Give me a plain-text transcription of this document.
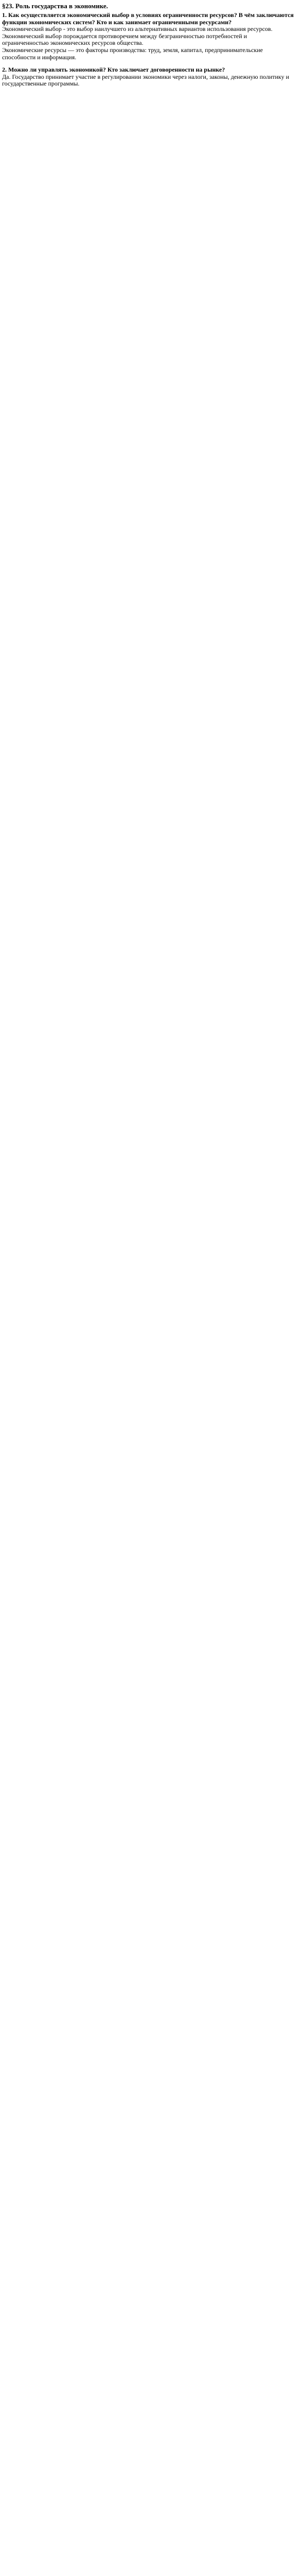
§23. Роль государства в экономике.
1. Как осуществляется экономический выбор в условиях ограниченности ресурсов? В чём заключаются функции экономических систем? Кто и как занимает ограниченными ресурсами?
Экономический выбор - это выбор наилучшего из альтернативных вариантов использования ресурсов.
Экономический выбор порождается противоречием между безграничностью потребностей и ограниченностью экономических ресурсов общества.
Экономические ресурсы — это факторы производства: труд, земля, капитал, предпринимательские способности и информация.
2. Можно ли управлять экономикой? Кто заключает договоренности на рынке?
Да. Государство принимает участие в регулировании экономики через налоги, законы, денежную политику и государственные программы.
